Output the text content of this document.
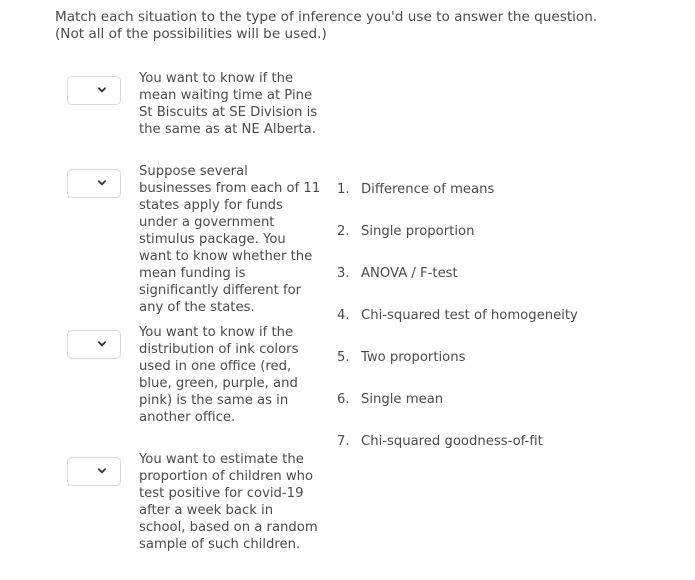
Match each situation to the type of inference you'd use to answer the question. (Not all of the possibilities will be used.)
You want to know if the mean waiting time at Pine St Biscuits at SE Division is the same as at NE Alberta.
Suppose several businesses from each of 11 states apply for funds under a government stimulus package. You want to know whether the mean funding is significantly different for any of the states.
You want to know if the distribution of ink colors used in one office (red, blue, green, purple, and pink) is the same as in another office.
You want to estimate the proportion of children who test positive for covid-19 after a week back in school, based on a random sample of such children.
1. Difference of means
2. Single proportion
3. ANOVA / F-test
4. Chi-squared test of homogeneity
5. Two proportions
6. Single mean
7. Chi-squared goodness-of-fit
